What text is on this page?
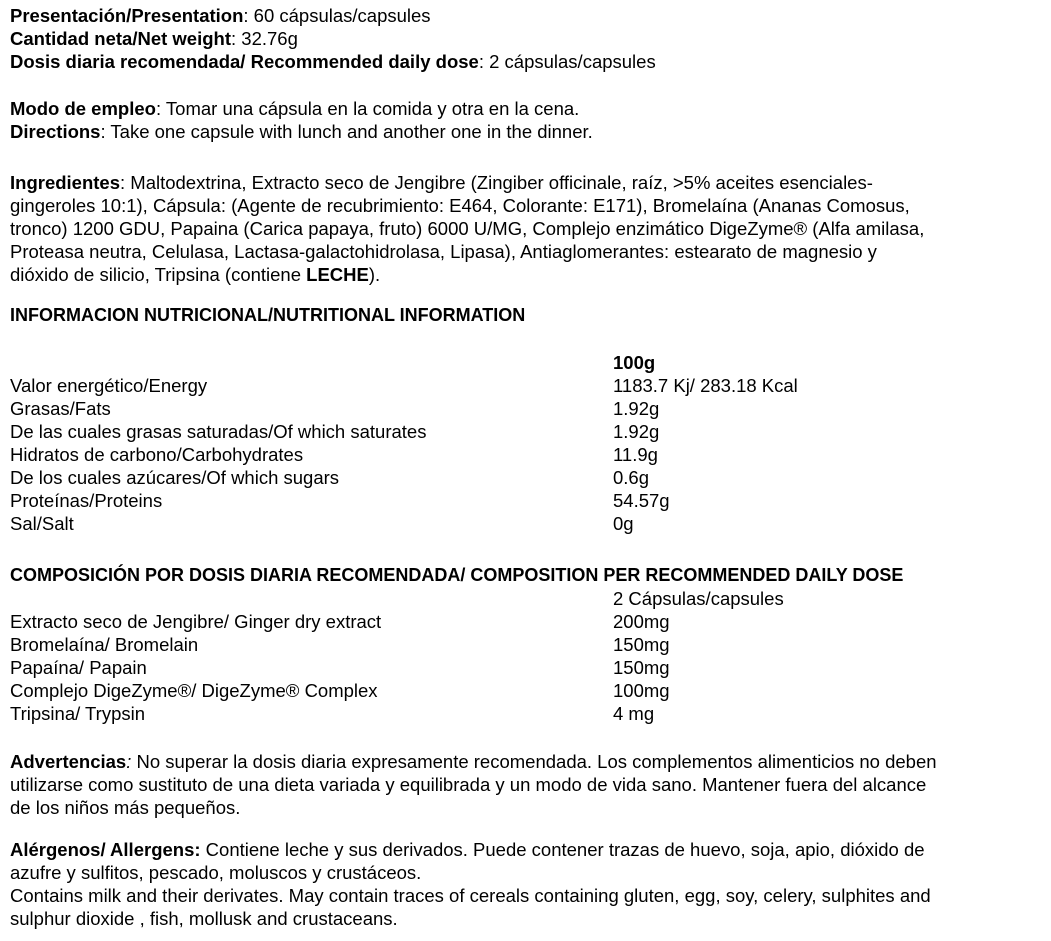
Presentación/Presentation: 60 cápsulas/capsules
Cantidad neta/Net weight: 32.76g
Dosis diaria recomendada/ Recommended daily dose: 2 cápsulas/capsules
Modo de empleo: Tomar una cápsula en la comida y otra en la cena.
Directions: Take one capsule with lunch and another one in the dinner.
Ingredientes: Maltodextrina, Extracto seco de Jengibre (Zingiber officinale, raíz, >5% aceites esenciales-
gingeroles 10:1), Cápsula: (Agente de recubrimiento: E464, Colorante: E171), Bromelaína (Ananas Comosus,
tronco) 1200 GDU, Papaina (Carica papaya, fruto) 6000 U/MG, Complejo enzimático DigeZyme® (Alfa amilasa,
Proteasa neutra, Celulasa, Lactasa-galactohidrolasa, Lipasa), Antiaglomerantes: estearato de magnesio y
dióxido de silicio, Tripsina (contiene LECHE).
INFORMACION NUTRICIONAL/NUTRITIONAL INFORMATION
100g
Valor energético/Energy	1183.7 Kj/ 283.18 Kcal
Grasas/Fats	1.92g
De las cuales grasas saturadas/Of which saturates	1.92g
Hidratos de carbono/Carbohydrates	11.9g
De los cuales azúcares/Of which sugars	0.6g
Proteínas/Proteins	54.57g
Sal/Salt	0g
COMPOSICIÓN POR DOSIS DIARIA RECOMENDADA/ COMPOSITION PER RECOMMENDED DAILY DOSE
2 Cápsulas/capsules
Extracto seco de Jengibre/ Ginger dry extract	200mg
Bromelaína/ Bromelain	150mg
Papaína/ Papain	150mg
Complejo DigeZyme®/ DigeZyme® Complex	100mg
Tripsina/ Trypsin	4 mg
Advertencias: No superar la dosis diaria expresamente recomendada. Los complementos alimenticios no deben
utilizarse como sustituto de una dieta variada y equilibrada y un modo de vida sano. Mantener fuera del alcance
de los niños más pequeños.
Alérgenos/ Allergens: Contiene leche y sus derivados. Puede contener trazas de huevo, soja, apio, dióxido de
azufre y sulfitos, pescado, moluscos y crustáceos.
Contains milk and their derivates. May contain traces of cereals containing gluten, egg, soy, celery, sulphites and
sulphur dioxide , fish, mollusk and crustaceans.
